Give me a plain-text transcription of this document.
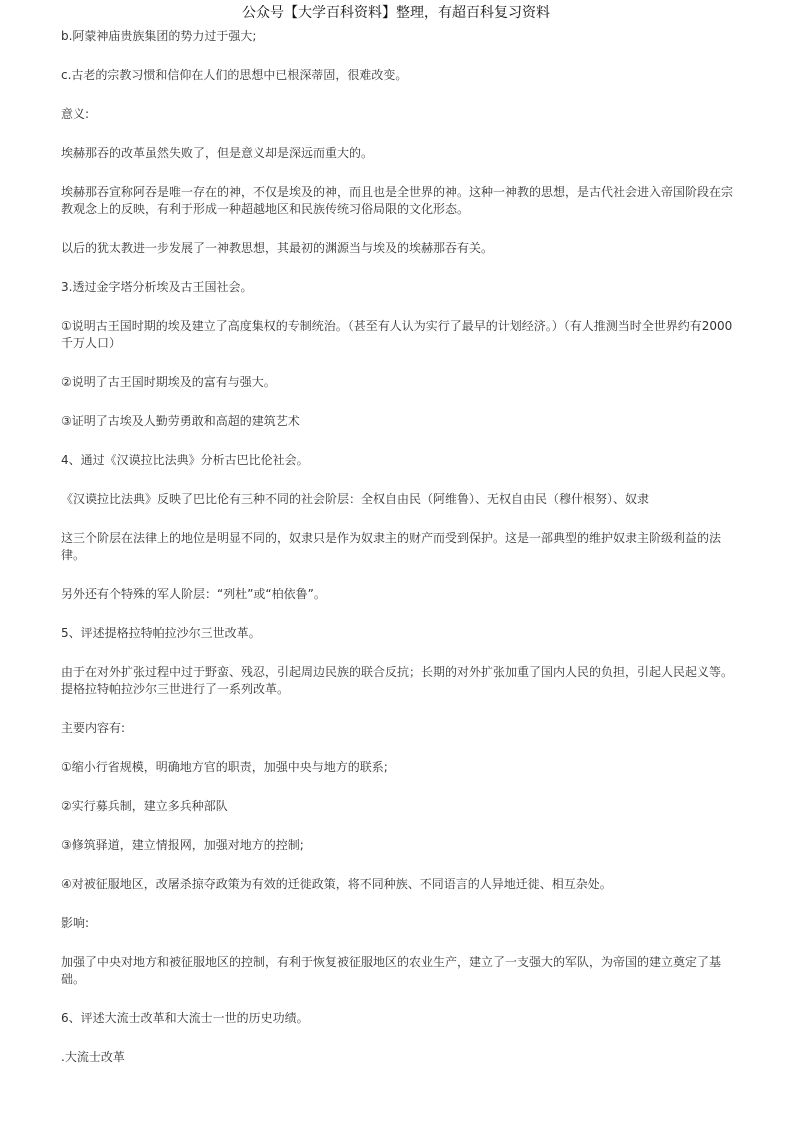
公众号【大学百科资料】整理，有超百科复习资料

b.阿蒙神庙贵族集团的势力过于强大;

c.古老的宗教习惯和信仰在人们的思想中已根深蒂固，很难改变。

意义:

埃赫那吞的改革虽然失败了，但是意义却是深远而重大的。

埃赫那吞宣称阿吞是唯一存在的神，不仅是埃及的神，而且也是全世界的神。这种一神教的思想，是古代社会进入帝国阶段在宗教观念上的反映，有利于形成一种超越地区和民族传统习俗局限的文化形态。

以后的犹太教进一步发展了一神教思想，其最初的渊源当与埃及的埃赫那吞有关。

3.透过金字塔分析埃及古王国社会。

①说明古王国时期的埃及建立了高度集权的专制统治。（甚至有人认为实行了最早的计划经济。）（有人推测当时全世界约有2000千万人口）

②说明了古王国时期埃及的富有与强大。

③证明了古埃及人勤劳勇敢和高超的建筑艺术

4、通过《汉谟拉比法典》分析古巴比伦社会。

《汉谟拉比法典》反映了巴比伦有三种不同的社会阶层：全权自由民（阿维鲁）、无权自由民（穆什根努）、奴隶

这三个阶层在法律上的地位是明显不同的，奴隶只是作为奴隶主的财产而受到保护。这是一部典型的维护奴隶主阶级利益的法律。

另外还有个特殊的军人阶层：“列杜”或“柏依鲁”。

5、评述提格拉特帕拉沙尔三世改革。

由于在对外扩张过程中过于野蛮、残忍，引起周边民族的联合反抗；长期的对外扩张加重了国内人民的负担，引起人民起义等。提格拉特帕拉沙尔三世进行了一系列改革。

主要内容有:

①缩小行省规模，明确地方官的职责，加强中央与地方的联系;

②实行募兵制，建立多兵种部队

③修筑驿道，建立情报网，加强对地方的控制;

④对被征服地区，改屠杀掠夺政策为有效的迁徙政策，将不同种族、不同语言的人异地迁徙、相互杂处。

影响:

加强了中央对地方和被征服地区的控制，有利于恢复被征服地区的农业生产，建立了一支强大的军队，为帝国的建立奠定了基础。

6、评述大流士改革和大流士一世的历史功绩。

.大流士改革
